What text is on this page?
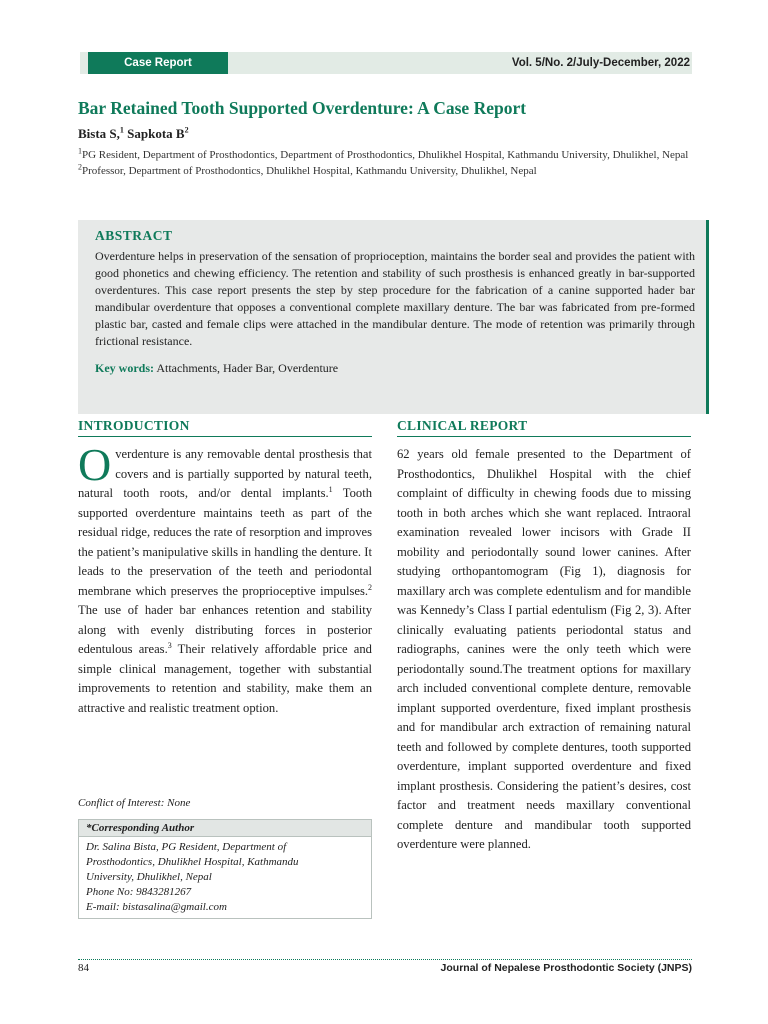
Case Report	Vol. 5/No. 2/July-December, 2022
Bar Retained Tooth Supported Overdenture: A Case Report
Bista S,$^1$ Sapkota $B^2$

$^1$PG Resident, Department of Prosthodontics, Department of Prosthodontics, Dhulikhel Hospital, Kathmandu University, Dhulikhel, Nepal

$^2$Professor, Department of Prosthodontics, Dhulikhel Hospital, Kathmandu University, Dhulikhel, Nepal

ABSTRACT

Overdenture helps in preservation of the sensation of proprioception, maintains the border seal and provides the patient with good phonetics and chewing efficiency. The retention and stability of such prosthesis is enhanced greatly in bar-supported overdentures. This case report presents the step by step procedure for the fabrication of a canine supported hader bar mandibular overdenture that opposes a conventional complete maxillary denture. The bar was fabricated from pre-formed plastic bar, casted and female clips were attached in the mandibular denture. The mode of retention was primarily through frictional resistance.

Key words: Attachments, Hader Bar, Overdenture
INTRODUCTION

Overdenture is any removable dental prosthesis that covers and is partially supported by natural teeth, natural tooth roots, and/or dental implants.$^1$ Tooth supported overdenture maintains teeth as part of the residual ridge, reduces the rate of resorption and improves the patient’s manipulative skills in handling the denture. It leads to the preservation of the teeth and periodontal membrane which preserves the proprioceptive impulses.$^2$ The use of hader bar enhances retention and stability along with evenly distributing forces in posterior edentulous areas.$^3$ Their relatively affordable price and simple clinical management, together with substantial improvements to retention and stability, make them an attractive and realistic treatment option.

Conflict of Interest: None
*Corresponding Author

Dr. Salina Bista, PG Resident, Department of

Prosthodontics, Dhulikhel Hospital, Kathmandu

University, Dhulikhel, Nepal

Phone No: 9843281267

E-mail: bistasalina@gmail.com

CLINICAL REPORT

62 years old female presented to the Department of Prosthodontics, Dhulikhel Hospital with the chief complaint of difficulty in chewing foods due to missing tooth in both arches which she want replaced. Intraoral examination revealed lower incisors with Grade II mobility and periodontally sound lower canines. After studying orthopantomogram (Fig 1), diagnosis for maxillary arch was complete edentulism and for mandible was Kennedy’s Class I partial edentulism (Fig 2, 3). After clinically evaluating patients periodontal status and radiographs, canines were the only teeth which were periodontally sound.The treatment options for maxillary arch included conventional complete denture, removable implant supported overdenture, fixed implant prosthesis and for mandibular arch extraction of remaining natural teeth and followed by complete dentures, tooth supported overdenture, implant supported overdenture and fixed implant prosthesis. Considering the patient’s desires, cost factor and treatment needs maxillary conventional complete denture and mandibular tooth supported overdenture were planned.

84	Journal of Nepalese Prosthodontic Society (JNPS)
